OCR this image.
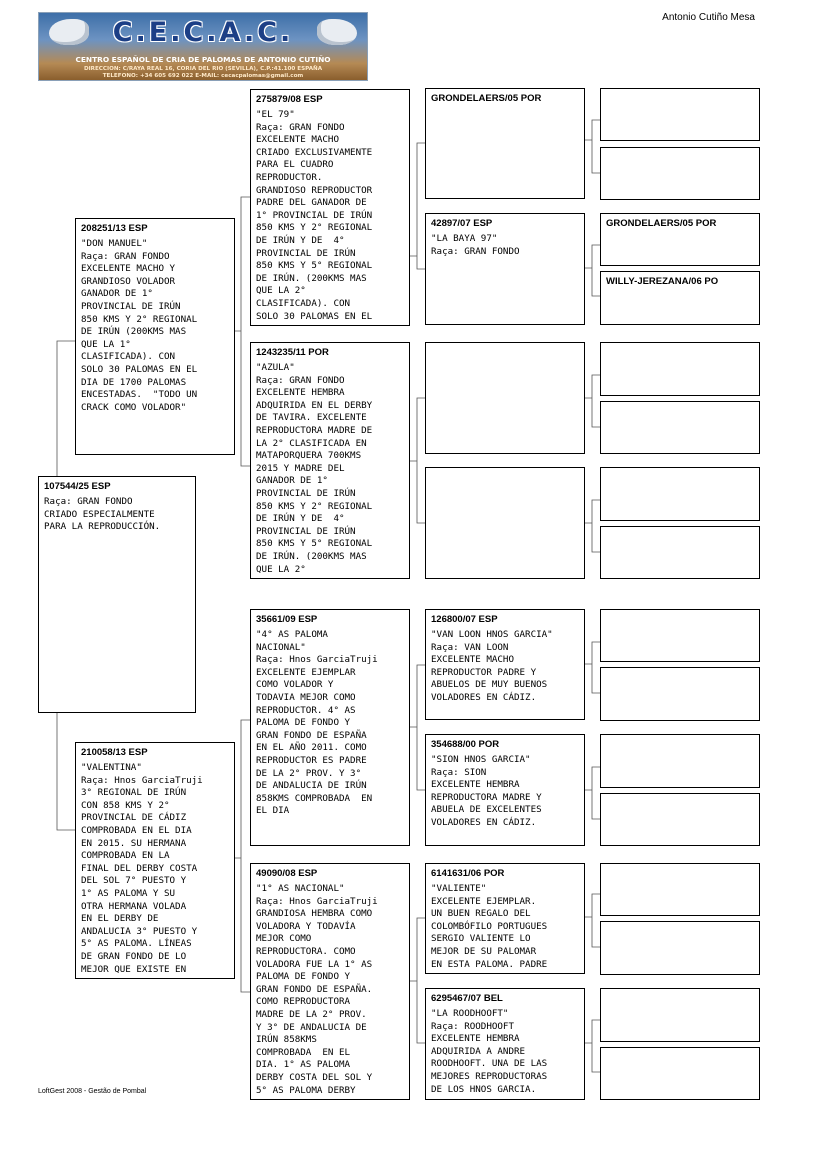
C.E.C.A.C.
CENTRO ESPAÑOL DE CRIA DE PALOMAS DE ANTONIO CUTIÑO
DIRECCION: C/RAYA REAL 16, CORIA DEL RIO (SEVILLA), C.P.:41.100 ESPAÑA
TELEFONO: +34 605 692 022 E-MAIL: cecacpalomas@gmail.com
Antonio Cutiño Mesa
107544/25 ESP
Raça: GRAN FONDO
CRIADO ESPECIALMENTE
PARA LA REPRODUCCIÓN.
208251/13 ESP
"DON MANUEL"
Raça: GRAN FONDO
EXCELENTE MACHO Y
GRANDIOSO VOLADOR
GANADOR DE 1°
PROVINCIAL DE IRÚN
850 KMS Y 2° REGIONAL
DE IRÚN (200KMS MAS
QUE LA 1°
CLASIFICADA). CON
SOLO 30 PALOMAS EN EL
DIA DE 1700 PALOMAS
ENCESTADAS.  "TODO UN
CRACK COMO VOLADOR"
210058/13 ESP
"VALENTINA"
Raça: Hnos GarciaTruji
3° REGIONAL DE IRÚN
CON 858 KMS Y 2°
PROVINCIAL DE CÁDIZ
COMPROBADA EN EL DIA
EN 2015. SU HERMANA
COMPROBADA EN LA
FINAL DEL DERBY COSTA
DEL SOL 7° PUESTO Y
1° AS PALOMA Y SU
OTRA HERMANA VOLADA
EN EL DERBY DE
ANDALUCIA 3° PUESTO Y
5° AS PALOMA. LÍNEAS
DE GRAN FONDO DE LO
MEJOR QUE EXISTE EN
275879/08 ESP
"EL 79"
Raça: GRAN FONDO
EXCELENTE MACHO
CRIADO EXCLUSIVAMENTE
PARA EL CUADRO
REPRODUCTOR.
GRANDIOSO REPRODUCTOR
PADRE DEL GANADOR DE
1° PROVINCIAL DE IRÚN
850 KMS Y 2° REGIONAL
DE IRÚN Y DE  4°
PROVINCIAL DE IRÚN
850 KMS Y 5° REGIONAL
DE IRÚN. (200KMS MAS
QUE LA 2°
CLASIFICADA). CON
SOLO 30 PALOMAS EN EL
1243235/11 POR
"AZULA"
Raça: GRAN FONDO
EXCELENTE HEMBRA
ADQUIRIDA EN EL DERBY
DE TAVIRA. EXCELENTE
REPRODUCTORA MADRE DE
LA 2° CLASIFICADA EN
MATAPORQUERA 700KMS
2015 Y MADRE DEL
GANADOR DE 1°
PROVINCIAL DE IRÚN
850 KMS Y 2° REGIONAL
DE IRÚN Y DE  4°
PROVINCIAL DE IRÚN
850 KMS Y 5° REGIONAL
DE IRÚN. (200KMS MAS
QUE LA 2°
35661/09 ESP
"4° AS PALOMA
NACIONAL"
Raça: Hnos GarciaTruji
EXCELENTE EJEMPLAR
COMO VOLADOR Y
TODAVIA MEJOR COMO
REPRODUCTOR. 4° AS
PALOMA DE FONDO Y
GRAN FONDO DE ESPAÑA
EN EL AÑO 2011. COMO
REPRODUCTOR ES PADRE
DE LA 2° PROV. Y 3°
DE ANDALUCIA DE IRÚN
858KMS COMPROBADA  EN
EL DIA
49090/08 ESP
"1° AS NACIONAL"
Raça: Hnos GarciaTruji
GRANDIOSA HEMBRA COMO
VOLADORA Y TODAVÍA
MEJOR COMO
REPRODUCTORA. COMO
VOLADORA FUE LA 1° AS
PALOMA DE FONDO Y
GRAN FONDO DE ESPAÑA.
COMO REPRODUCTORA
MADRE DE LA 2° PROV.
Y 3° DE ANDALUCIA DE
IRÚN 858KMS
COMPROBADA  EN EL
DIA. 1° AS PALOMA
DERBY COSTA DEL SOL Y
5° AS PALOMA DERBY
GRONDELAERS/05 POR
42897/07 ESP
"LA BAYA 97"
Raça: GRAN FONDO
126800/07 ESP
"VAN LOON HNOS GARCIA"
Raça: VAN LOON
EXCELENTE MACHO
REPRODUCTOR PADRE Y
ABUELOS DE MUY BUENOS
VOLADORES EN CÁDIZ.
354688/00 POR
"SION HNOS GARCIA"
Raça: SION
EXCELENTE HEMBRA
REPRODUCTORA MADRE Y
ABUELA DE EXCELENTES
VOLADORES EN CÁDIZ.
6141631/06 POR
"VALIENTE"
EXCELENTE EJEMPLAR.
UN BUEN REGALO DEL
COLOMBÓFILO PORTUGUES
SERGIO VALIENTE LO
MEJOR DE SU PALOMAR
EN ESTA PALOMA. PADRE
6295467/07 BEL
"LA ROODHOOFT"
Raça: ROODHOOFT
EXCELENTE HEMBRA
ADQUIRIDA A ANDRE
ROODHOOFT. UNA DE LAS
MEJORES REPRODUCTORAS
DE LOS HNOS GARCIA.
GRONDELAERS/05 POR
WILLY-JEREZANA/06 PO
LoftGest 2008 - Gestão de Pombal
